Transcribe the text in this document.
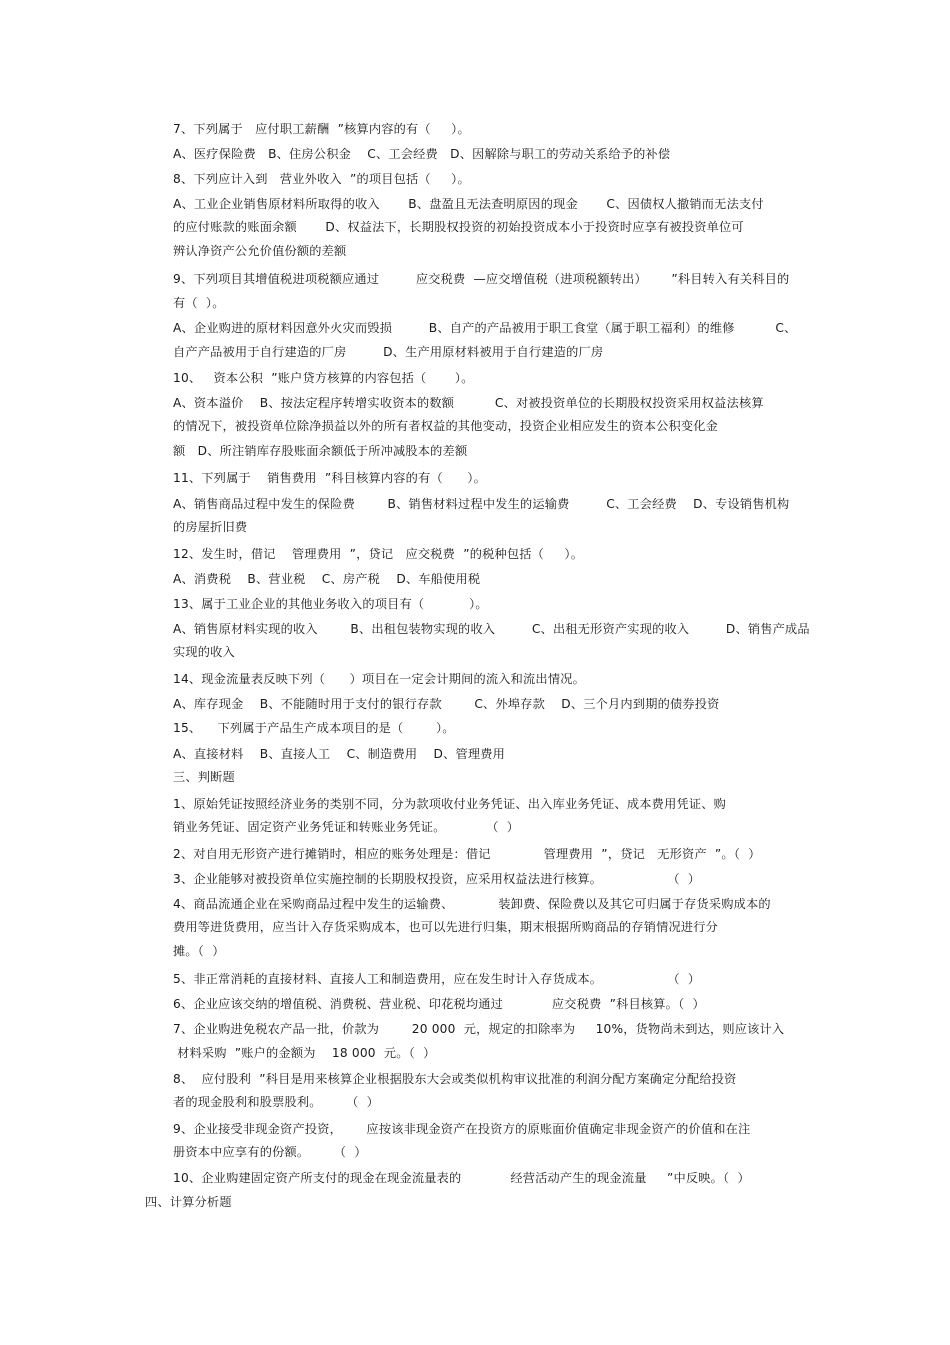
7、下列属于   应付职工薪酬  ”核算内容的有（     ）。
A、医疗保险费   B、住房公积金    C、工会经费   D、因解除与职工的劳动关系给予的补偿
8、下列应计入到   营业外收入  ”的项目包括（     ）。
A、工业企业销售原材料所取得的收入       B、盘盈且无法查明原因的现金       C、因债权人撤销而无法支付
的应付账款的账面余额       D、权益法下，长期股权投资的初始投资成本小于投资时应享有被投资单位可
辨认净资产公允价值份额的差额
9、下列项目其增值税进项税额应通过         应交税费  —应交增值税（进项税额转出）      ”科目转入有关科目的
有（  ）。
A、企业购进的原材料因意外火灾而毁损         B、自产的产品被用于职工食堂（属于职工福利）的维修          C、
自产产品被用于自行建造的厂房         D、生产用原材料被用于自行建造的厂房
10、   资本公积  ”账户贷方核算的内容包括（       ）。
A、资本溢价    B、按法定程序转增实收资本的数额          C、对被投资单位的长期股权投资采用权益法核算
的情况下，被投资单位除净损益以外的所有者权益的其他变动，投资企业相应发生的资本公积变化金
额   D、所注销库存股账面余额低于所冲减股本的差额
11、下列属于    销售费用  ”科目核算内容的有（      ）。
A、销售商品过程中发生的保险费        B、销售材料过程中发生的运输费         C、工会经费    D、专设销售机构
的房屋折旧费
12、发生时，借记    管理费用  ”，贷记   应交税费  ”的税种包括（     ）。
A、消费税    B、营业税    C、房产税    D、车船使用税
13、属于工业企业的其他业务收入的项目有（           ）。
A、销售原材料实现的收入        B、出租包装物实现的收入         C、出租无形资产实现的收入         D、销售产成品
实现的收入
14、现金流量表反映下列（      ）项目在一定会计期间的流入和流出情况。
A、库存现金    B、不能随时用于支付的银行存款        C、外埠存款    D、三个月内到期的债券投资
15、    下列属于产品生产成本项目的是（        ）。
A、直接材料    B、直接人工    C、制造费用    D、管理费用
三、判断题
1、原始凭证按照经济业务的类别不同，分为款项收付业务凭证、出入库业务凭证、成本费用凭证、购
销业务凭证、固定资产业务凭证和转账业务凭证。          （  ）
2、对自用无形资产进行摊销时，相应的账务处理是：借记             管理费用  ”，贷记   无形资产  ”。（  ）
3、企业能够对被投资单位实施控制的长期股权投资，应采用权益法进行核算。                （  ）
4、商品流通企业在采购商品过程中发生的运输费、           装卸费、保险费以及其它可归属于存货采购成本的
费用等进货费用，应当计入存货采购成本，也可以先进行归集，期末根据所购商品的存销情况进行分
摊。（  ）
5、非正常消耗的直接材料、直接人工和制造费用，应在发生时计入存货成本。                （  ）
6、企业应该交纳的增值税、消费税、营业税、印花税均通过            应交税费  ”科目核算。（  ）
7、企业购进免税农产品一批，价款为        20 000  元，规定的扣除率为     10%，货物尚未到达，则应该计入
材料采购  ”账户的金额为    18 000  元。（  ）
8、  应付股利  ”科目是用来核算企业根据股东大会或类似机构审议批准的利润分配方案确定分配给投资
者的现金股利和股票股利。      （  ）
9、企业接受非现金资产投资，      应按该非现金资产在投资方的原账面价值确定非现金资产的价值和在注
册资本中应享有的份额。      （  ）
10、企业购建固定资产所支付的现金在现金流量表的            经营活动产生的现金流量     ”中反映。（  ）
四、计算分析题
